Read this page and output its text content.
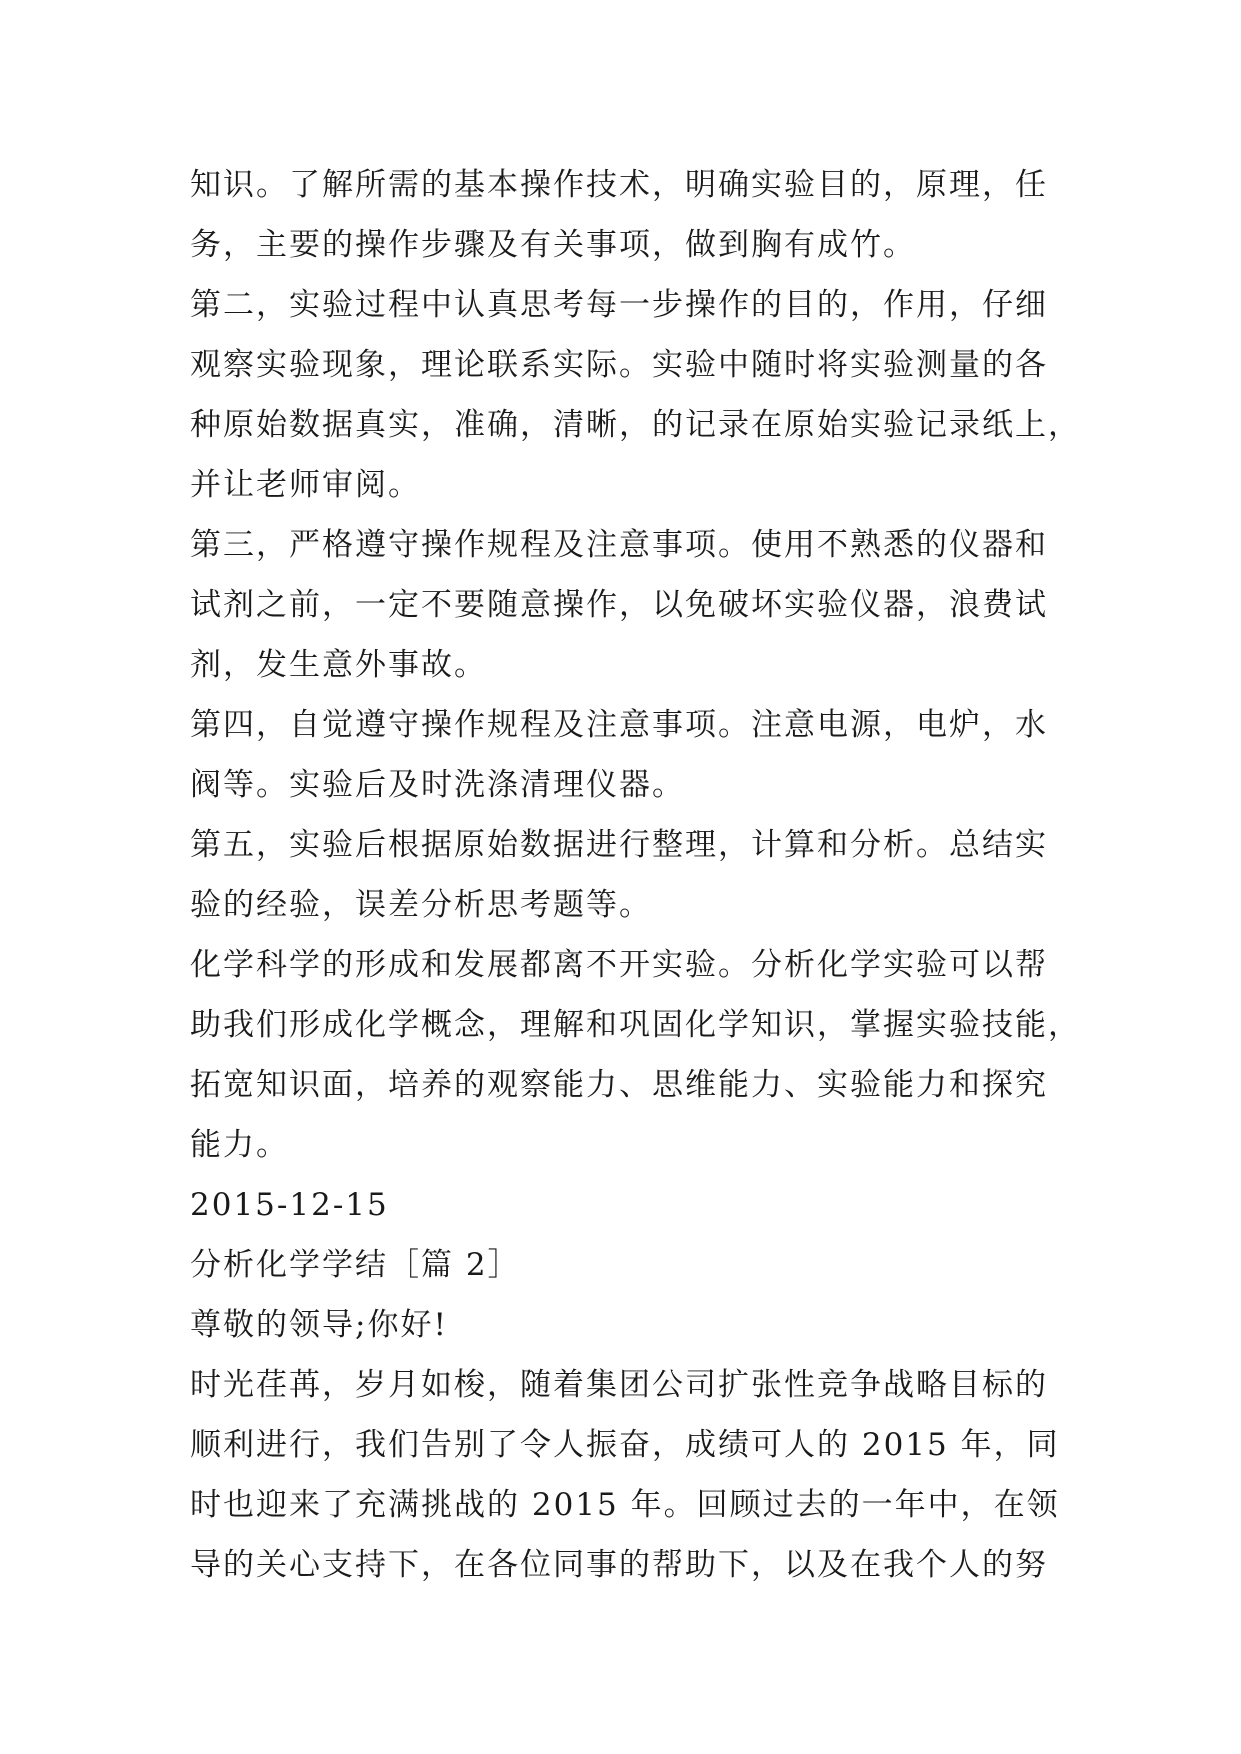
知识。了解所需的基本操作技术，明确实验目的，原理，任
务，主要的操作步骤及有关事项，做到胸有成竹。
第二，实验过程中认真思考每一步操作的目的，作用，仔细
观察实验现象，理论联系实际。实验中随时将实验测量的各
种原始数据真实，准确，清晰，的记录在原始实验记录纸上，
并让老师审阅。
第三，严格遵守操作规程及注意事项。使用不熟悉的仪器和
试剂之前，一定不要随意操作，以免破坏实验仪器，浪费试
剂，发生意外事故。
第四，自觉遵守操作规程及注意事项。注意电源，电炉，水
阀等。实验后及时洗涤清理仪器。
第五，实验后根据原始数据进行整理，计算和分析。总结实
验的经验，误差分析思考题等。
化学科学的形成和发展都离不开实验。分析化学实验可以帮
助我们形成化学概念，理解和巩固化学知识，掌握实验技能，
拓宽知识面，培养的观察能力、思维能力、实验能力和探究
能力。
2015-12-15
分析化学学结［篇 2］
尊敬的领导;你好!
时光荏苒，岁月如梭，随着集团公司扩张性竞争战略目标的
顺利进行，我们告别了令人振奋，成绩可人的 2015 年，同
时也迎来了充满挑战的 2015 年。回顾过去的一年中，在领
导的关心支持下，在各位同事的帮助下，以及在我个人的努
